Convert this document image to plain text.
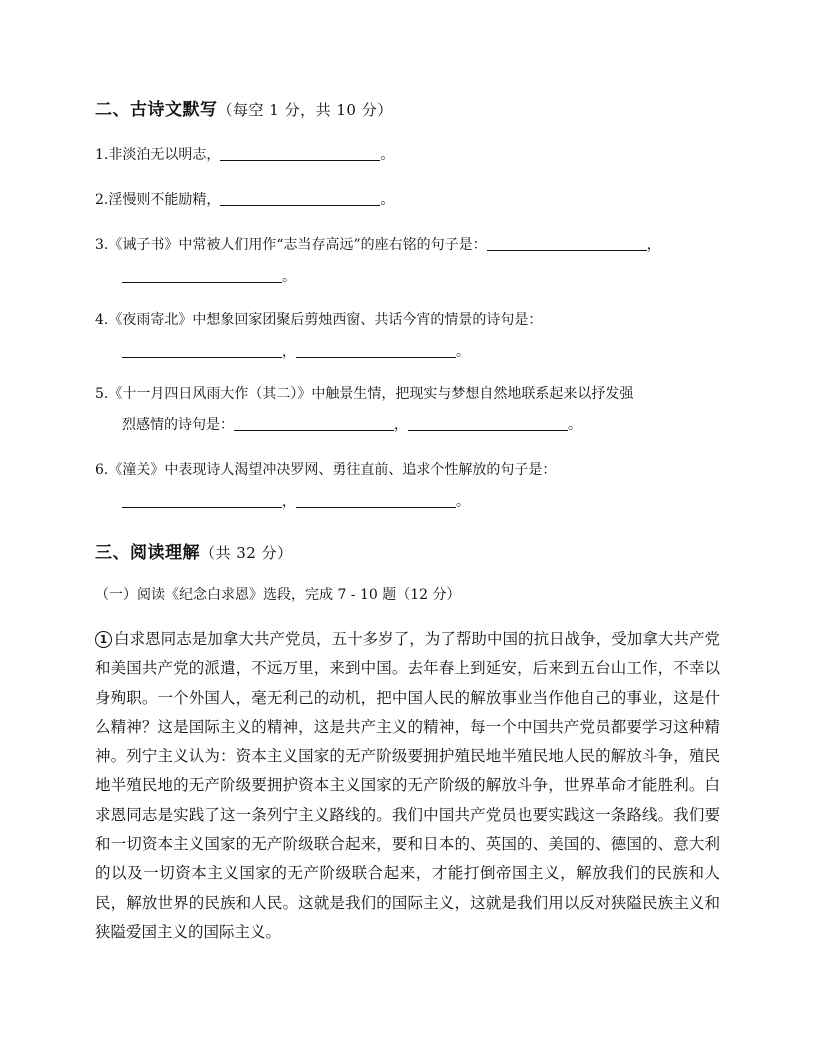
二、古诗文默写（每空 1 分，共 10 分）
1.非淡泊无以明志，	。
2.淫慢则不能励精，	。
3.《诫子书》中常被人们用作“志当存高远”的座右铭的句子是：	，
。
4.《夜雨寄北》中想象回家团聚后剪烛西窗、共话今宵的情景的诗句是：
，	。
5.《十一月四日风雨大作（其二）》中触景生情，把现实与梦想自然地联系起来以抒发强
烈感情的诗句是：	，	。
6.《潼关》中表现诗人渴望冲决罗网、勇往直前、追求个性解放的句子是：
，	。
三、阅读理解（共 32 分）
（一）阅读《纪念白求恩》选段，完成 7 - 10 题（12 分）
1 白求恩同志是加拿大共产党员，五十多岁了，为了帮助中国的抗日战争，受加拿大共产党和美国共产党的派遣，不远万里，来到中国。去年春上到延安，后来到五台山工作，不幸以身殉职。一个外国人，毫无利己的动机，把中国人民的解放事业当作他自己的事业，这是什么精神？这是国际主义的精神，这是共产主义的精神，每一个中国共产党员都要学习这种精神。列宁主义认为：资本主义国家的无产阶级要拥护殖民地半殖民地人民的解放斗争，殖民地半殖民地的无产阶级要拥护资本主义国家的无产阶级的解放斗争，世界革命才能胜利。白求恩同志是实践了这一条列宁主义路线的。我们中国共产党员也要实践这一条路线。我们要和一切资本主义国家的无产阶级联合起来，要和日本的、英国的、美国的、德国的、意大利的以及一切资本主义国家的无产阶级联合起来，才能打倒帝国主义，解放我们的民族和人民，解放世界的民族和人民。这就是我们的国际主义，这就是我们用以反对狭隘民族主义和狭隘爱国主义的国际主义。
